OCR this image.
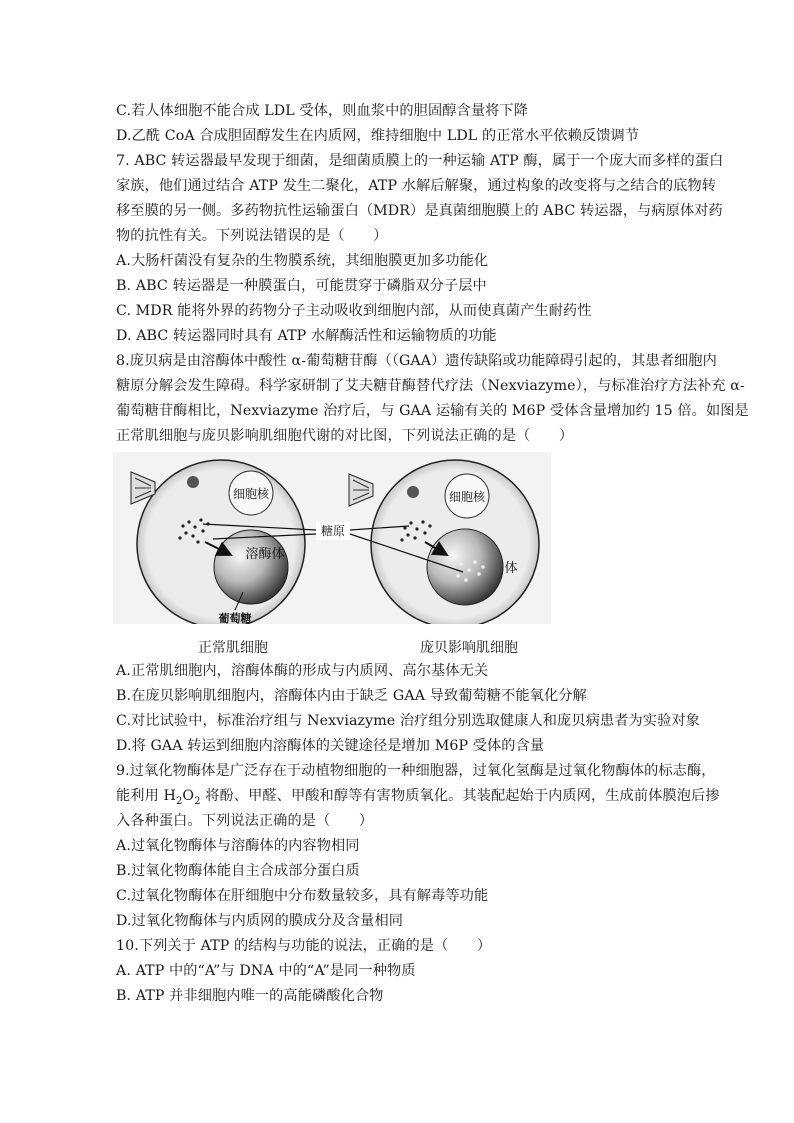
C.若人体细胞不能合成 LDL 受体，则血浆中的胆固醇含量将下降
D.乙酰 CoA 合成胆固醇发生在内质网，维持细胞中 LDL 的正常水平依赖反馈调节
7. ABC 转运器最早发现于细菌，是细菌质膜上的一种运输 ATP 酶，属于一个庞大而多样的蛋白
家族，他们通过结合 ATP 发生二聚化，ATP 水解后解聚，通过构象的改变将与之结合的底物转
移至膜的另一侧。多药物抗性运输蛋白（MDR）是真菌细胞膜上的 ABC 转运器，与病原体对药
物的抗性有关。下列说法错误的是（　　）
A.大肠杆菌没有复杂的生物膜系统，其细胞膜更加多功能化
B. ABC 转运器是一种膜蛋白，可能贯穿于磷脂双分子层中
C. MDR 能将外界的药物分子主动吸收到细胞内部，从而使真菌产生耐药性
D. ABC 转运器同时具有 ATP 水解酶活性和运输物质的功能
8.庞贝病是由溶酶体中酸性 α-葡萄糖苷酶（（GAA）遗传缺陷或功能障碍引起的，其患者细胞内
糖原分解会发生障碍。科学家研制了艾夫糖苷酶替代疗法（Nexviazyme），与标准治疗方法补充 α-
葡萄糖苷酶相比，Nexviazyme 治疗后，与 GAA 运输有关的 M6P 受体含量增加约 15 倍。如图是
正常肌细胞与庞贝影响肌细胞代谢的对比图，下列说法正确的是（　　）
细胞核
溶酶体
葡萄糖
细胞核
体
糖原
正常肌细胞	庞贝影响肌细胞
A.正常肌细胞内，溶酶体酶的形成与内质网、高尔基体无关
B.在庞贝影响肌细胞内，溶酶体内由于缺乏 GAA 导致葡萄糖不能氧化分解
C.对比试验中，标准治疗组与 Nexviazyme 治疗组分别选取健康人和庞贝病患者为实验对象
D.将 GAA 转运到细胞内溶酶体的关键途径是增加 M6P 受体的含量
9.过氧化物酶体是广泛存在于动植物细胞的一种细胞器，过氧化氢酶是过氧化物酶体的标志酶，
能利用 $H_2O_2$ 将酚、甲醛、甲酸和醇等有害物质氧化。其装配起始于内质网，生成前体膜泡后掺
入各种蛋白。下列说法正确的是（　　）
A.过氧化物酶体与溶酶体的内容物相同
B.过氧化物酶体能自主合成部分蛋白质
C.过氧化物酶体在肝细胞中分布数量较多，具有解毒等功能
D.过氧化物酶体与内质网的膜成分及含量相同
10.下列关于 ATP 的结构与功能的说法，正确的是（　　）
A. ATP 中的“A”与 DNA 中的“A”是同一种物质
B. ATP 并非细胞内唯一的高能磷酸化合物
